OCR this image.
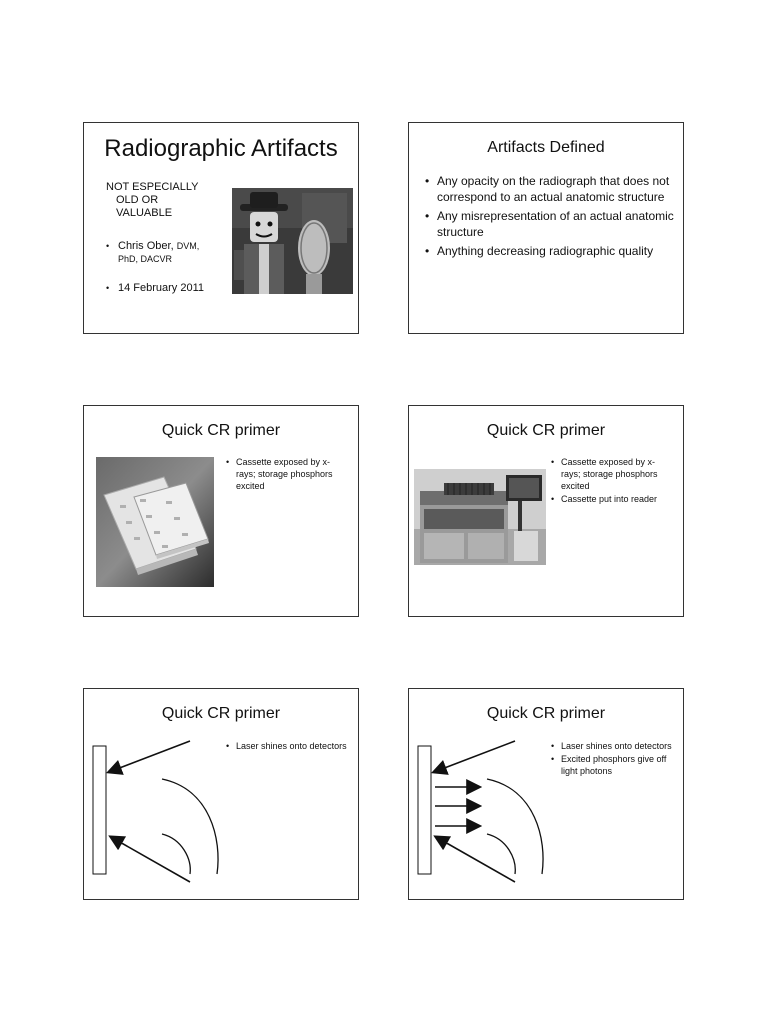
Radiographic Artifacts
NOT ESPECIALLY

OLD OR
VALUABLE
• Chris Ober, DVM,
PhD, DACVR
• 14 February 2011
Artifacts Defined
• Any opacity on the radiograph that does not correspond to an actual anatomic structure
• Any misrepresentation of an actual anatomic structure
• Anything decreasing radiographic quality
Quick CR primer
• Cassette exposed by x-rays; storage phosphors excited
Quick CR primer
• Cassette exposed by x-rays; storage phosphors excited
• Cassette put into reader
Quick CR primer
• Laser shines onto detectors
Quick CR primer
• Laser shines onto detectors
• Excited phosphors give off light photons
